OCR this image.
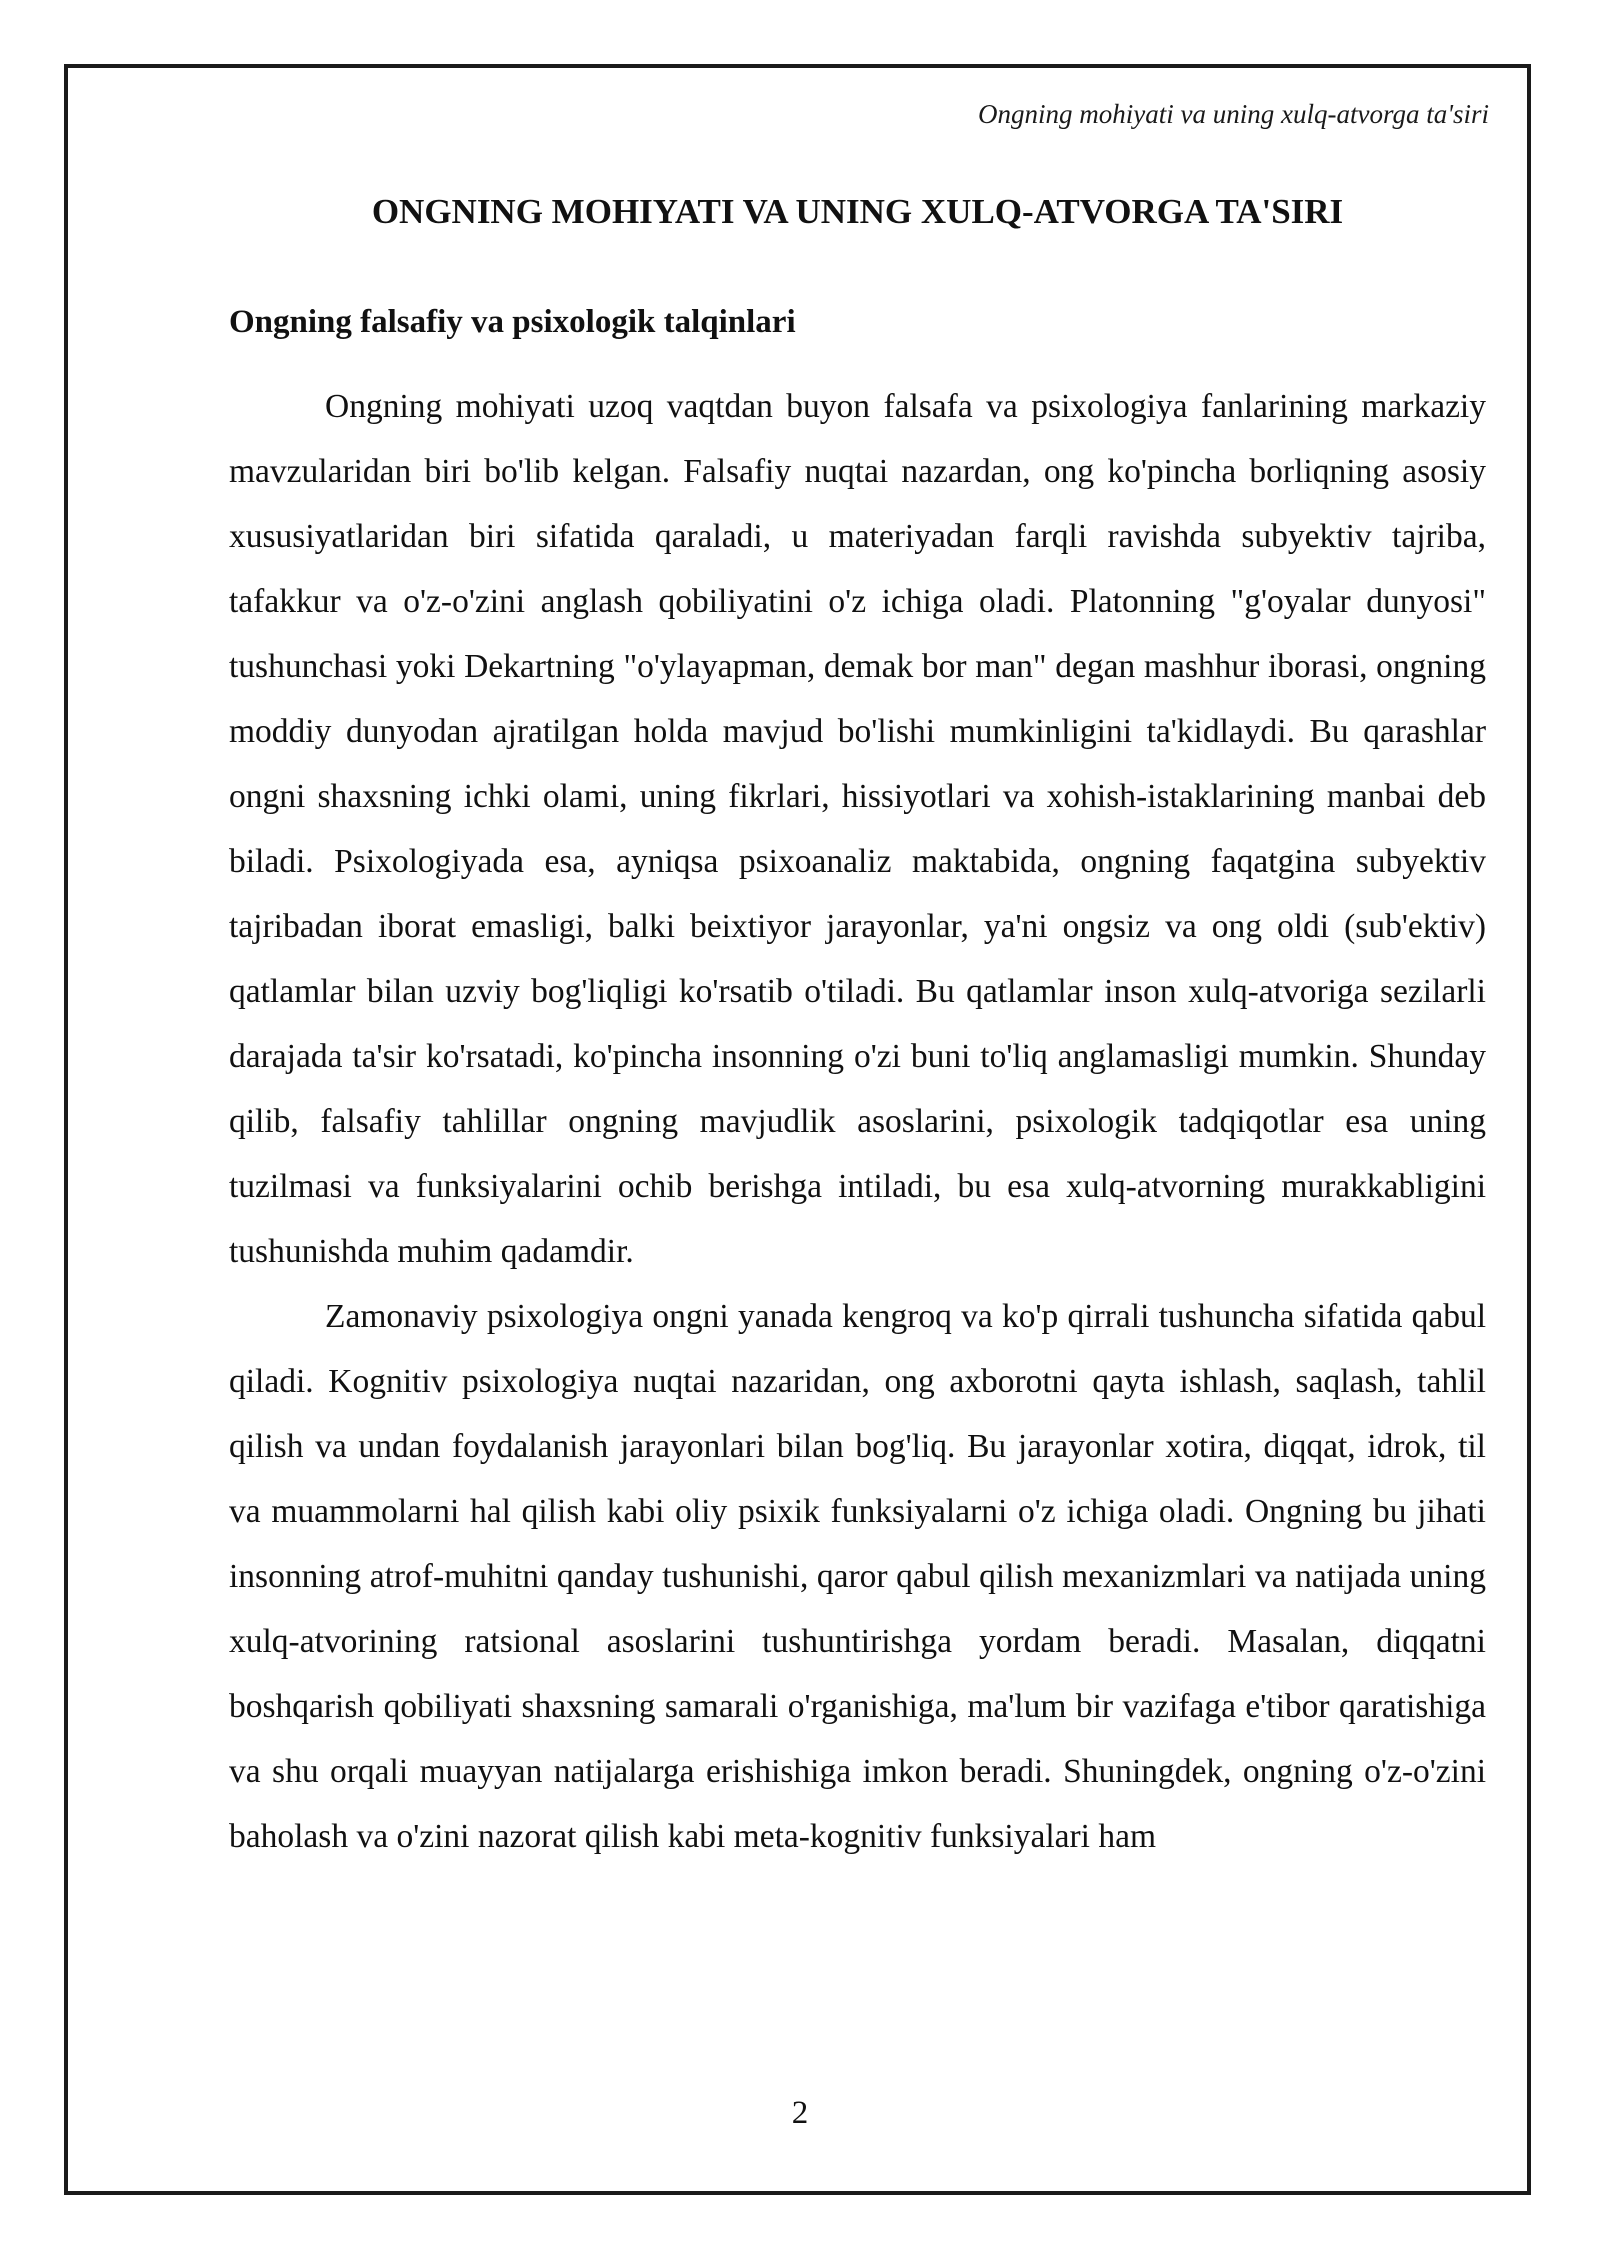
Ongning mohiyati va uning xulq-atvorga ta'siri
ONGNING MOHIYATI VA UNING XULQ-ATVORGA TA'SIRI
Ongning falsafiy va psixologik talqinlari

Ongning mohiyati uzoq vaqtdan buyon falsafa va psixologiya fanlarining markaziy mavzularidan biri bo'lib kelgan. Falsafiy nuqtai nazardan, ong ko'pincha borliqning asosiy xususiyatlaridan biri sifatida qaraladi, u materiyadan farqli ravishda subyektiv tajriba, tafakkur va o'z-o'zini anglash qobiliyatini o'z ichiga oladi. Platonning "g'oyalar dunyosi" tushunchasi yoki Dekartning "o'ylayapman, demak bor man" degan mashhur iborasi, ongning moddiy dunyodan ajratilgan holda mavjud bo'lishi mumkinligini ta'kidlaydi. Bu qarashlar ongni shaxsning ichki olami, uning fikrlari, hissiyotlari va xohish-istaklarining manbai deb biladi. Psixologiyada esa, ayniqsa psixoanaliz maktabida, ongning faqatgina subyektiv tajribadan iborat emasligi, balki beixtiyor jarayonlar, ya'ni ongsiz va ong oldi (sub'ektiv) qatlamlar bilan uzviy bog'liqligi ko'rsatib o'tiladi. Bu qatlamlar inson xulq-atvoriga sezilarli darajada ta'sir ko'rsatadi, ko'pincha insonning o'zi buni to'liq anglamasligi mumkin. Shunday qilib, falsafiy tahlillar ongning mavjudlik asoslarini, psixologik tadqiqotlar esa uning tuzilmasi va funksiyalarini ochib berishga intiladi, bu esa xulq-atvorning murakkabligini tushunishda muhim qadamdir.

Zamonaviy psixologiya ongni yanada kengroq va ko'p qirrali tushuncha sifatida qabul qiladi. Kognitiv psixologiya nuqtai nazaridan, ong axborotni qayta ishlash, saqlash, tahlil qilish va undan foydalanish jarayonlari bilan bog'liq. Bu jarayonlar xotira, diqqat, idrok, til va muammolarni hal qilish kabi oliy psixik funksiyalarni o'z ichiga oladi. Ongning bu jihati insonning atrof-muhitni qanday tushunishi, qaror qabul qilish mexanizmlari va natijada uning xulq-atvorining ratsional asoslarini tushuntirishga yordam beradi. Masalan, diqqatni boshqarish qobiliyati shaxsning samarali o'rganishiga, ma'lum bir vazifaga e'tibor qaratishiga va shu orqali muayyan natijalarga erishishiga imkon beradi. Shuningdek, ongning o'z-o'zini baholash va o'zini nazorat qilish kabi meta-kognitiv funksiyalari ham

2
